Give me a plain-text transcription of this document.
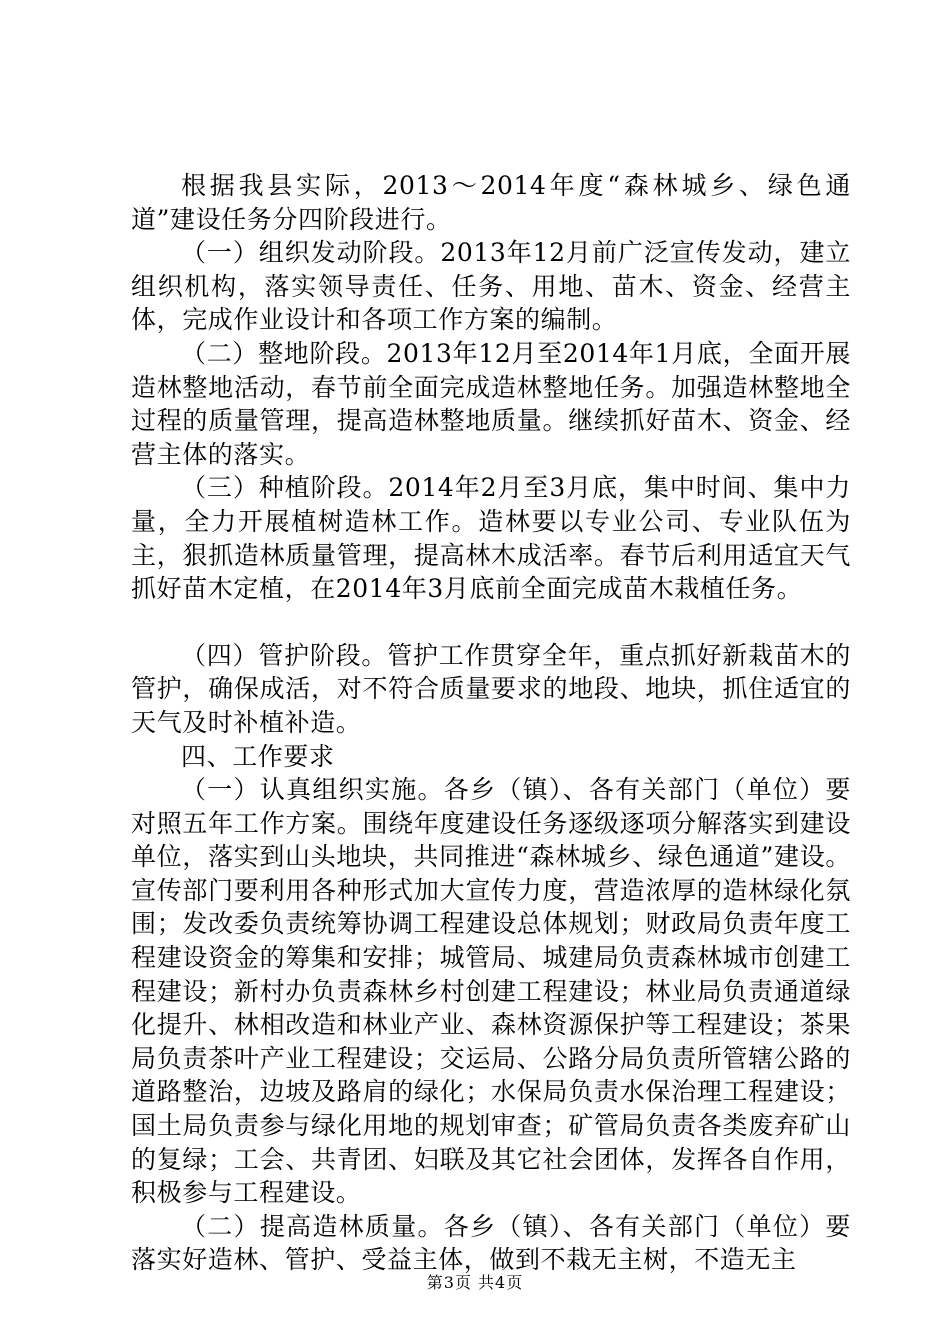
根据我县实际，2013～2014年度“森林城乡、绿色通道”建设任务分四阶段进行。

（一）组织发动阶段。2013年12月前广泛宣传发动，建立组织机构，落实领导责任、任务、用地、苗木、资金、经营主体，完成作业设计和各项工作方案的编制。

（二）整地阶段。2013年12月至2014年1月底，全面开展造林整地活动，春节前全面完成造林整地任务。加强造林整地全过程的质量管理，提高造林整地质量。继续抓好苗木、资金、经营主体的落实。

（三）种植阶段。2014年2月至3月底，集中时间、集中力量，全力开展植树造林工作。造林要以专业公司、专业队伍为主，狠抓造林质量管理，提高林木成活率。春节后利用适宜天气抓好苗木定植，在2014年3月底前全面完成苗木栽植任务。

（四）管护阶段。管护工作贯穿全年，重点抓好新栽苗木的管护，确保成活，对不符合质量要求的地段、地块，抓住适宜的天气及时补植补造。

四、工作要求

（一）认真组织实施。各乡（镇）、各有关部门（单位）要对照五年工作方案。围绕年度建设任务逐级逐项分解落实到建设单位，落实到山头地块，共同推进“森林城乡、绿色通道”建设。宣传部门要利用各种形式加大宣传力度，营造浓厚的造林绿化氛围；发改委负责统筹协调工程建设总体规划；财政局负责年度工程建设资金的筹集和安排；城管局、城建局负责森林城市创建工程建设；新村办负责森林乡村创建工程建设；林业局负责通道绿化提升、林相改造和林业产业、森林资源保护等工程建设；茶果局负责茶叶产业工程建设；交运局、公路分局负责所管辖公路的道路整治，边坡及路肩的绿化；水保局负责水保治理工程建设；国土局负责参与绿化用地的规划审查；矿管局负责各类废弃矿山的复绿；工会、共青团、妇联及其它社会团体，发挥各自作用，积极参与工程建设。

（二）提高造林质量。各乡（镇）、各有关部门（单位）要落实好造林、管护、受益主体，做到不栽无主树，不造无主

第3页 共4页
